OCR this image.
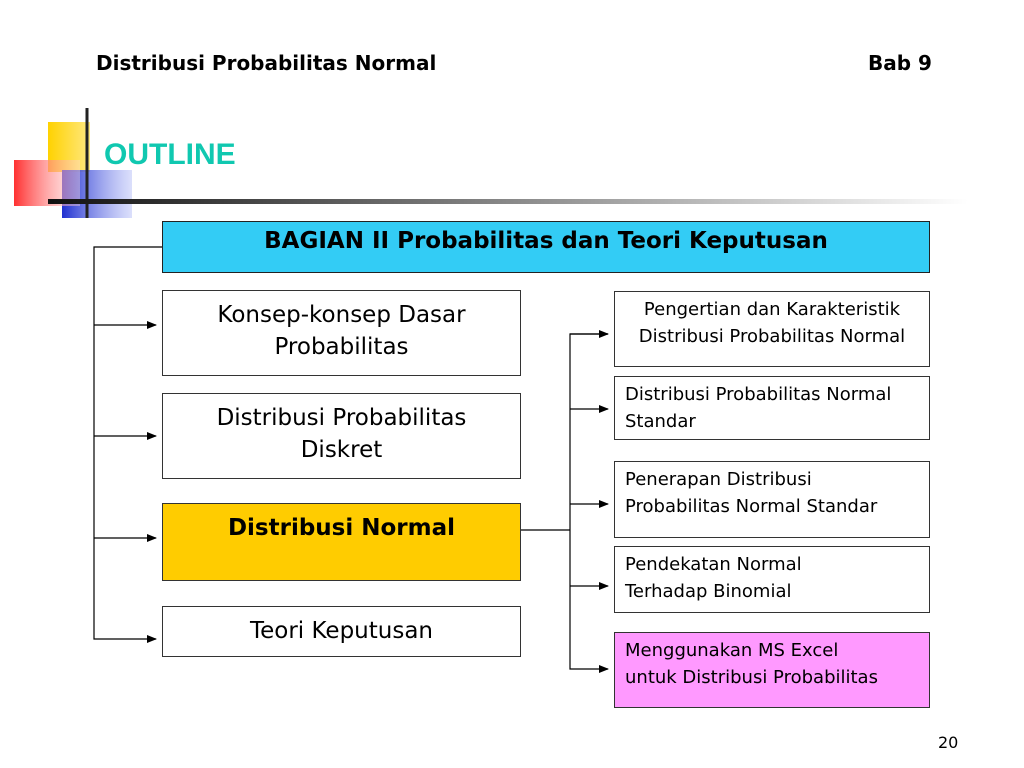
Distribusi Probabilitas Normal	Bab 9
OUTLINE
BAGIAN II Probabilitas dan Teori Keputusan
Konsep-konsep Dasar
Probabilitas
Distribusi Probabilitas
Diskret
Distribusi Normal
Teori Keputusan
Pengertian dan Karakteristik
Distribusi Probabilitas Normal
Distribusi Probabilitas Normal
Standar
Penerapan Distribusi
Probabilitas Normal Standar
Pendekatan Normal
Terhadap Binomial
Menggunakan MS Excel
untuk Distribusi Probabilitas
20
